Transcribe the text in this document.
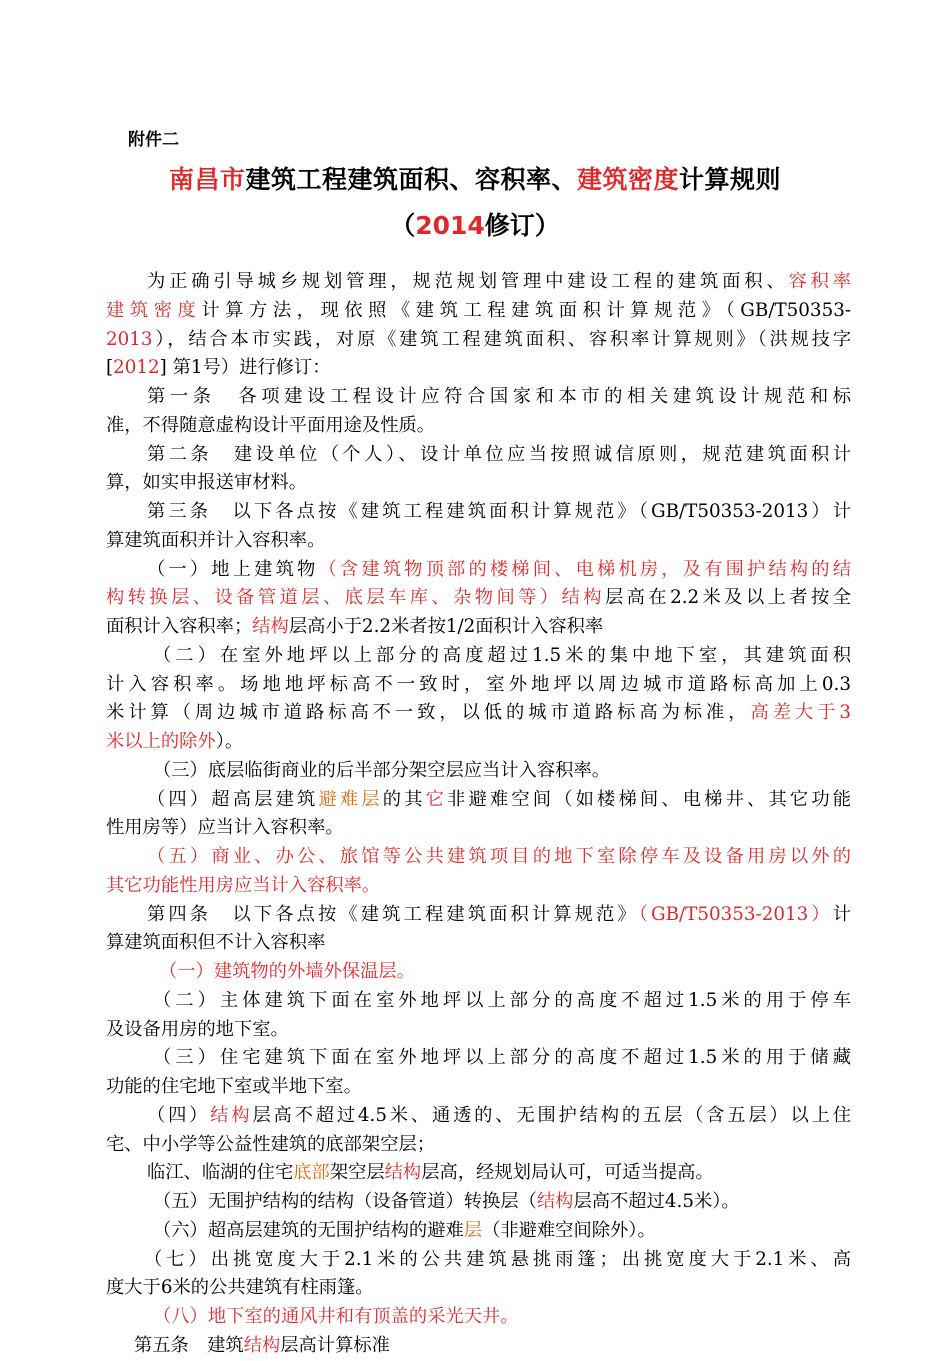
附件二
南昌市建筑工程建筑面积、容积率、建筑密度计算规则
（2014修订）

为正确引导城乡规划管理，规范规划管理中建设工程的建筑面积、容积率

建筑密度计算方法，现依照《建筑工程建筑面积计算规范》（GB/T50353-

2013），结合本市实践，对原《建筑工程建筑面积、容积率计算规则》（洪规技字

[2012] 第1号）进行修订：

第一条　各项建设工程设计应符合国家和本市的相关建筑设计规范和标

准，不得随意虚构设计平面用途及性质。

第二条　建设单位（个人）、设计单位应当按照诚信原则，规范建筑面积计

算，如实申报送审材料。

第三条　以下各点按《建筑工程建筑面积计算规范》（GB/T50353-2013）计

算建筑面积并计入容积率。

（一）地上建筑物（含建筑物顶部的楼梯间、电梯机房，及有围护结构的结

构转换层、设备管道层、底层车库、杂物间等）结构层高在2.2米及以上者按全

面积计入容积率；结构层高小于2.2米者按1/2面积计入容积率

（二）在室外地坪以上部分的高度超过1.5米的集中地下室，其建筑面积

计入容积率。场地地坪标高不一致时，室外地坪以周边城市道路标高加上0.3

米计算（周边城市道路标高不一致，以低的城市道路标高为标准，高差大于3

米以上的除外）。

（三）底层临街商业的后半部分架空层应当计入容积率。

（四）超高层建筑避难层的其它非避难空间（如楼梯间、电梯井、其它功能

性用房等）应当计入容积率。

（五）商业、办公、旅馆等公共建筑项目的地下室除停车及设备用房以外的

其它功能性用房应当计入容积率。

第四条　以下各点按《建筑工程建筑面积计算规范》（GB/T50353-2013）计

算建筑面积但不计入容积率

（一）建筑物的外墙外保温层。

（二）主体建筑下面在室外地坪以上部分的高度不超过1.5米的用于停车

及设备用房的地下室。

（三）住宅建筑下面在室外地坪以上部分的高度不超过1.5米的用于储藏

功能的住宅地下室或半地下室。

（四）结构层高不超过4.5米、通透的、无围护结构的五层（含五层）以上住

宅、中小学等公益性建筑的底部架空层；

临江、临湖的住宅底部架空层结构层高，经规划局认可，可适当提高。

（五）无围护结构的结构（设备管道）转换层（结构层高不超过4.5米）。

（六）超高层建筑的无围护结构的避难层（非避难空间除外）。

（七）出挑宽度大于2.1米的公共建筑悬挑雨篷；出挑宽度大于2.1米、高

度大于6米的公共建筑有柱雨篷。

（八）地下室的通风井和有顶盖的采光天井。

第五条　建筑结构层高计算标准
